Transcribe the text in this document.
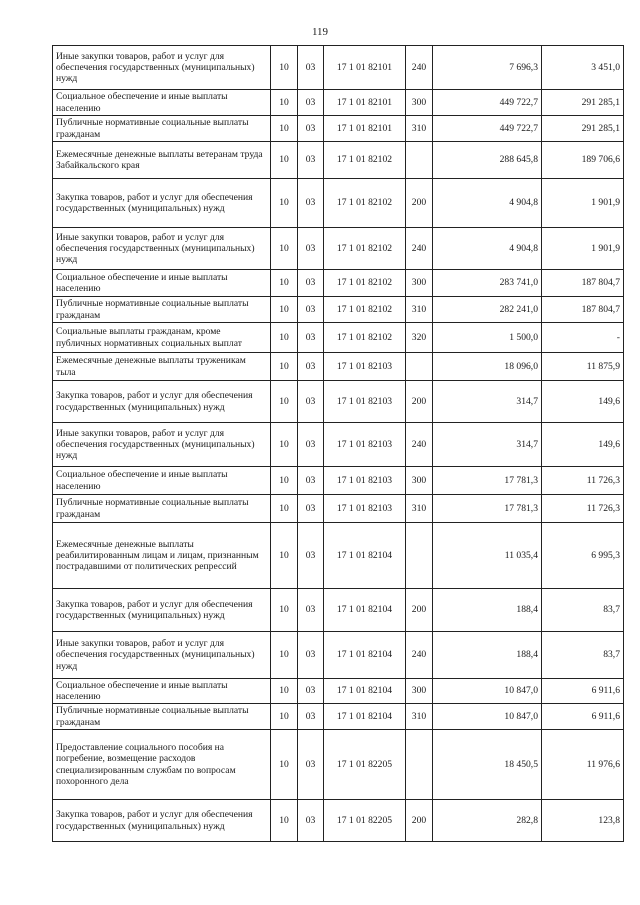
119
Иные закупки товаров, работ и услуг для обеспечения государственных (муниципальных) нужд	10	03	17 1 01 82101	240	7 696,3	3 451,0
Социальное обеспечение и иные выплаты населению	10	03	17 1 01 82101	300	449 722,7	291 285,1
Публичные нормативные социальные выплаты гражданам	10	03	17 1 01 82101	310	449 722,7	291 285,1
Ежемесячные денежные выплаты ветеранам труда Забайкальского края	10	03	17 1 01 82102		288 645,8	189 706,6
Закупка товаров, работ и услуг для обеспечения государственных (муниципальных) нужд	10	03	17 1 01 82102	200	4 904,8	1 901,9
Иные закупки товаров, работ и услуг для обеспечения государственных (муниципальных) нужд	10	03	17 1 01 82102	240	4 904,8	1 901,9
Социальное обеспечение и иные выплаты населению	10	03	17 1 01 82102	300	283 741,0	187 804,7
Публичные нормативные социальные выплаты гражданам	10	03	17 1 01 82102	310	282 241,0	187 804,7
Социальные выплаты гражданам, кроме публичных нормативных социальных выплат	10	03	17 1 01 82102	320	1 500,0	-
Ежемесячные денежные выплаты труженикам тыла	10	03	17 1 01 82103		18 096,0	11 875,9
Закупка товаров, работ и услуг для обеспечения государственных (муниципальных) нужд	10	03	17 1 01 82103	200	314,7	149,6
Иные закупки товаров, работ и услуг для обеспечения государственных (муниципальных) нужд	10	03	17 1 01 82103	240	314,7	149,6
Социальное обеспечение и иные выплаты населению	10	03	17 1 01 82103	300	17 781,3	11 726,3
Публичные нормативные социальные выплаты гражданам	10	03	17 1 01 82103	310	17 781,3	11 726,3
Ежемесячные денежные выплаты реабилитированным лицам и лицам, признанным пострадавшими от политических репрессий	10	03	17 1 01 82104		11 035,4	6 995,3
Закупка товаров, работ и услуг для обеспечения государственных (муниципальных) нужд	10	03	17 1 01 82104	200	188,4	83,7
Иные закупки товаров, работ и услуг для обеспечения государственных (муниципальных) нужд	10	03	17 1 01 82104	240	188,4	83,7
Социальное обеспечение и иные выплаты населению	10	03	17 1 01 82104	300	10 847,0	6 911,6
Публичные нормативные социальные выплаты гражданам	10	03	17 1 01 82104	310	10 847,0	6 911,6
Предоставление социального пособия на погребение, возмещение расходов специализированным службам по вопросам похоронного дела	10	03	17 1 01 82205		18 450,5	11 976,6
Закупка товаров, работ и услуг для обеспечения государственных (муниципальных) нужд	10	03	17 1 01 82205	200	282,8	123,8
